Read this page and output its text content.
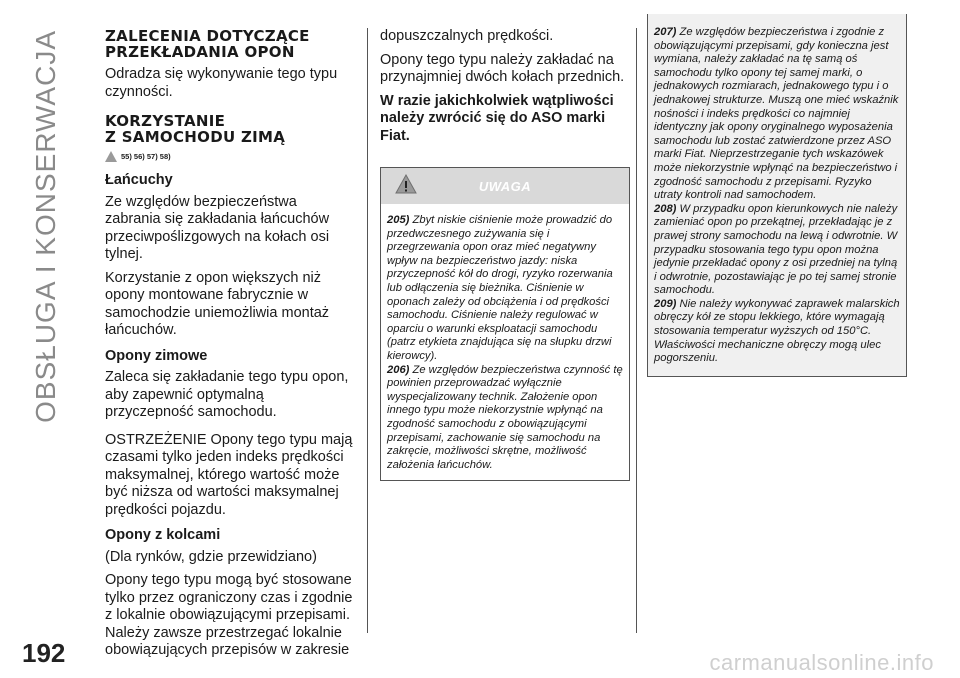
OBSŁUGA I KONSERWACJA	ZALECENIA DOTYCZĄCE
PRZEKŁADANIA OPON

Odradza się wykonywanie tego typu czynności.

KORZYSTANIE
Z SAMOCHODU ZIMĄ
55) 56) 57) 58)

Łańcuchy

Ze względów bezpieczeństwa zabrania się zakładania łańcuchów przeciwpoślizgowych na kołach osi tylnej.

Korzystanie z opon większych niż opony montowane fabrycznie w samochodzie uniemożliwia montaż łańcuchów.

Opony zimowe

Zaleca się zakładanie tego typu opon, aby zapewnić optymalną przyczepność samochodu.

OSTRZEŻENIE Opony tego typu mają czasami tylko jeden indeks prędkości maksymalnej, którego wartość może być niższa od wartości maksymalnej prędkości pojazdu.

Opony z kolcami

(Dla rynków, gdzie przewidziano)

Opony tego typu mogą być stosowane tylko przez ograniczony czas i zgodnie z lokalnie obowiązującymi przepisami. Należy zawsze przestrzegać lokalnie obowiązujących przepisów w zakresie

dopuszczalnych prędkości.

Opony tego typu należy zakładać na przynajmniej dwóch kołach przednich.

W razie jakichkolwiek wątpliwości należy zwrócić się do ASO marki Fiat.

UWAGA

205) Zbyt niskie ciśnienie może prowadzić do przedwczesnego zużywania się i przegrzewania opon oraz mieć negatywny wpływ na bezpieczeństwo jazdy: niska przyczepność kół do drogi, ryzyko rozerwania lub odłączenia się bieżnika. Ciśnienie w oponach zależy od obciążenia i od prędkości samochodu. Ciśnienie należy regulować w oparciu o warunki eksploatacji samochodu (patrz etykieta znajdująca się na słupku drzwi kierowcy).

206) Ze względów bezpieczeństwa czynność tę powinien przeprowadzać wyłącznie wyspecjalizowany technik. Założenie opon innego typu może niekorzystnie wpłynąć na zgodność samochodu z obowiązującymi przepisami, zachowanie się samochodu na zakręcie, możliwości skrętne, możliwość założenia łańcuchów.

207) Ze względów bezpieczeństwa i zgodnie z obowiązującymi przepisami, gdy konieczna jest wymiana, należy zakładać na tę samą oś samochodu tylko opony tej samej marki, o jednakowych rozmiarach, jednakowego typu i o jednakowej strukturze. Muszą one mieć wskaźnik nośności i indeks prędkości co najmniej identyczny jak opony oryginalnego wyposażenia samochodu lub zostać zatwierdzone przez ASO marki Fiat. Nieprzestrzeganie tych wskazówek może niekorzystnie wpłynąć na bezpieczeństwo i zgodność samochodu z przepisami. Ryzyko utraty kontroli nad samochodem.

208) W przypadku opon kierunkowych nie należy zamieniać opon po przekątnej, przekładając je z prawej strony samochodu na lewą i odwrotnie. W przypadku stosowania tego typu opon można jedynie przekładać opony z osi przedniej na tylną i odwrotnie, pozostawiając je po tej samej stronie samochodu.

209) Nie należy wykonywać zaprawek malarskich obręczy kół ze stopu lekkiego, które wymagają stosowania temperatur wyższych od 150°C. Właściwości mechaniczne obręczy mogą ulec pogorszeniu.

192	carmanualsonline.info
